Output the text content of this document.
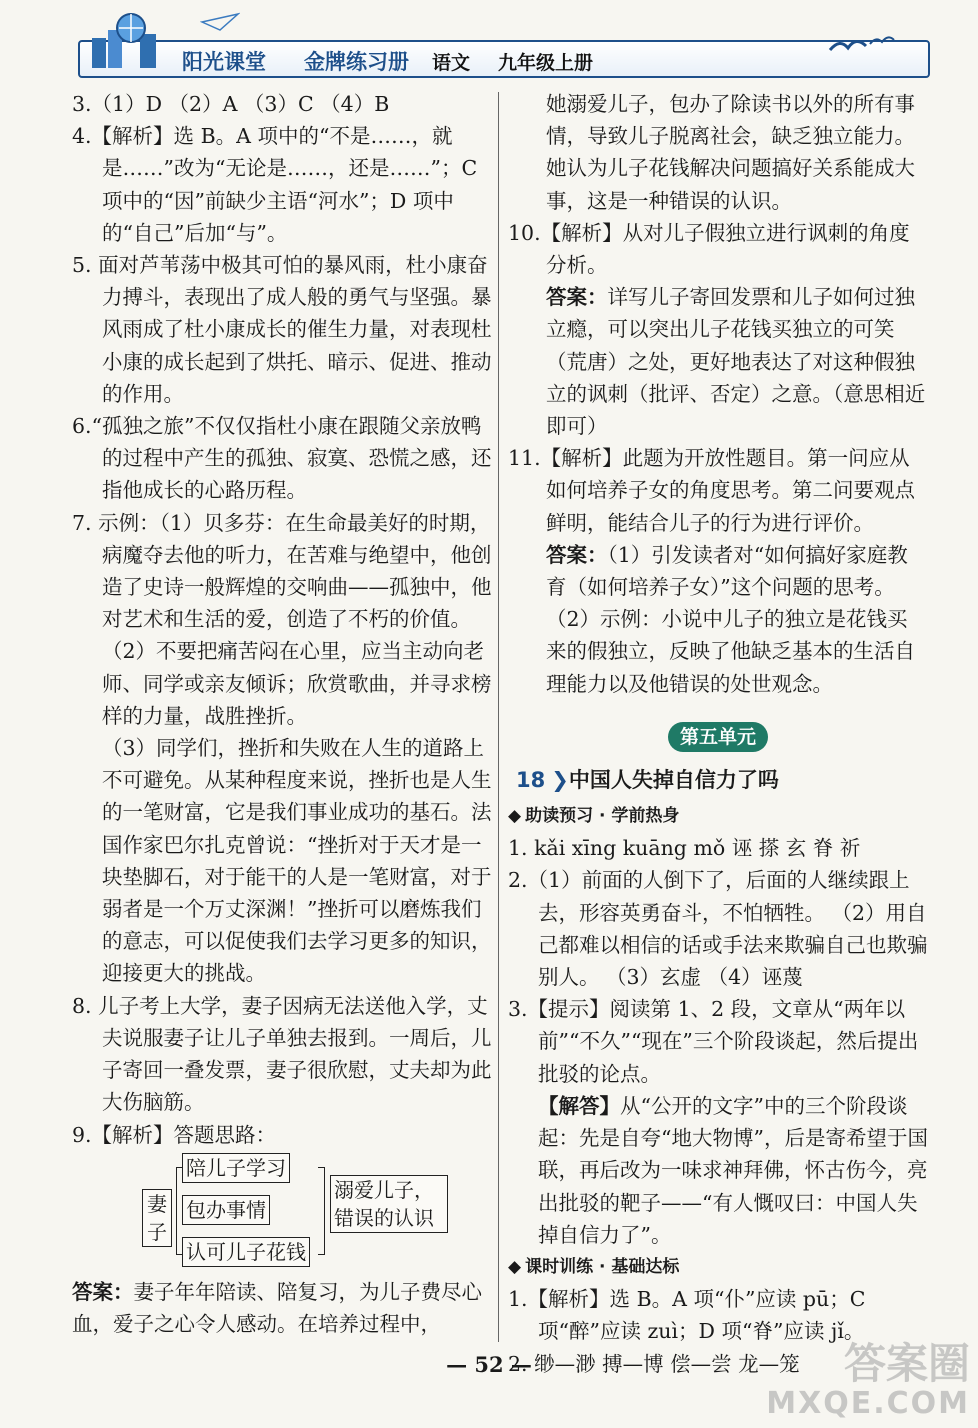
阳光课堂 金牌练习册 语文 九年级上册

3.（1）D （2）A （3）C （4）B

4.【解析】选 B。A 项中的“不是……，就是……”改为“无论是……，还是……”；C 项中的“因”前缺少主语“河水”；D 项中的“自己”后加“与”。

5. 面对芦苇荡中极其可怕的暴风雨，杜小康奋力搏斗，表现出了成人般的勇气与坚强。暴风雨成了杜小康成长的催生力量，对表现杜小康的成长起到了烘托、暗示、促进、推动的作用。

6.“孤独之旅”不仅仅指杜小康在跟随父亲放鸭的过程中产生的孤独、寂寞、恐慌之感，还指他成长的心路历程。

7. 示例：（1）贝多芬：在生命最美好的时期，病魔夺去他的听力，在苦难与绝望中，他创造了史诗一般辉煌的交响曲——孤独中，他对艺术和生活的爱，创造了不朽的价值。

（2）不要把痛苦闷在心里，应当主动向老师、同学或亲友倾诉；欣赏歌曲，并寻求榜样的力量，战胜挫折。

（3）同学们，挫折和失败在人生的道路上不可避免。从某种程度来说，挫折也是人生的一笔财富，它是我们事业成功的基石。法国作家巴尔扎克曾说：“挫折对于天才是一块垫脚石，对于能干的人是一笔财富，对于弱者是一个万丈深渊！”挫折可以磨炼我们的意志，可以促使我们去学习更多的知识，迎接更大的挑战。

8. 儿子考上大学，妻子因病无法送他入学，丈夫说服妻子让儿子单独去报到。一周后，儿子寄回一叠发票，妻子很欣慰，丈夫却为此大伤脑筋。

9.【解析】答题思路：

妻子
陪儿子学习
包办事情
认可儿子花钱
溺爱儿子，错误的认识

答案：妻子年年陪读、陪复习，为儿子费尽心血，爱子之心令人感动。在培养过程中，

她溺爱儿子，包办了除读书以外的所有事情，导致儿子脱离社会，缺乏独立能力。她认为儿子花钱解决问题搞好关系能成大事，这是一种错误的认识。

10.【解析】从对儿子假独立进行讽刺的角度分析。

答案：详写儿子寄回发票和儿子如何过独立瘾，可以突出儿子花钱买独立的可笑（荒唐）之处，更好地表达了对这种假独立的讽刺（批评、否定）之意。（意思相近即可）

11.【解析】此题为开放性题目。第一问应从如何培养子女的角度思考。第二问要观点鲜明，能结合儿子的行为进行评价。

答案：（1）引发读者对“如何搞好家庭教育（如何培养子女）”这个问题的思考。

（2）示例：小说中儿子的独立是花钱买来的假独立，反映了他缺乏基本的生活自理能力以及他错误的处世观念。

第五单元

18 ❯中国人失掉自信力了吗

◆ 助读预习 · 学前热身

1. kǎi xīng kuāng mǒ 诬 搽 玄 脊 祈

2.（1）前面的人倒下了，后面的人继续跟上去，形容英勇奋斗，不怕牺牲。 （2）用自己都难以相信的话或手法来欺骗自己也欺骗别人。 （3）玄虚 （4）诬蔑

3.【提示】阅读第 1、2 段，文章从“两年以前”“不久”“现在”三个阶段谈起，然后提出批驳的论点。

【解答】从“公开的文字”中的三个阶段谈起：先是自夸“地大物博”，后是寄希望于国联，再后改为一味求神拜佛，怀古伤今，亮出批驳的靶子——“有人慨叹曰：中国人失掉自信力了”。

◆ 课时训练 · 基础达标

1.【解析】选 B。A 项“仆”应读 pū；C 项“醉”应读 zuì；D 项“脊”应读 jǐ。

2. 缈—渺 搏—博 偿—尝 龙—笼

— 52 —	答案圈
MXQE.COM
